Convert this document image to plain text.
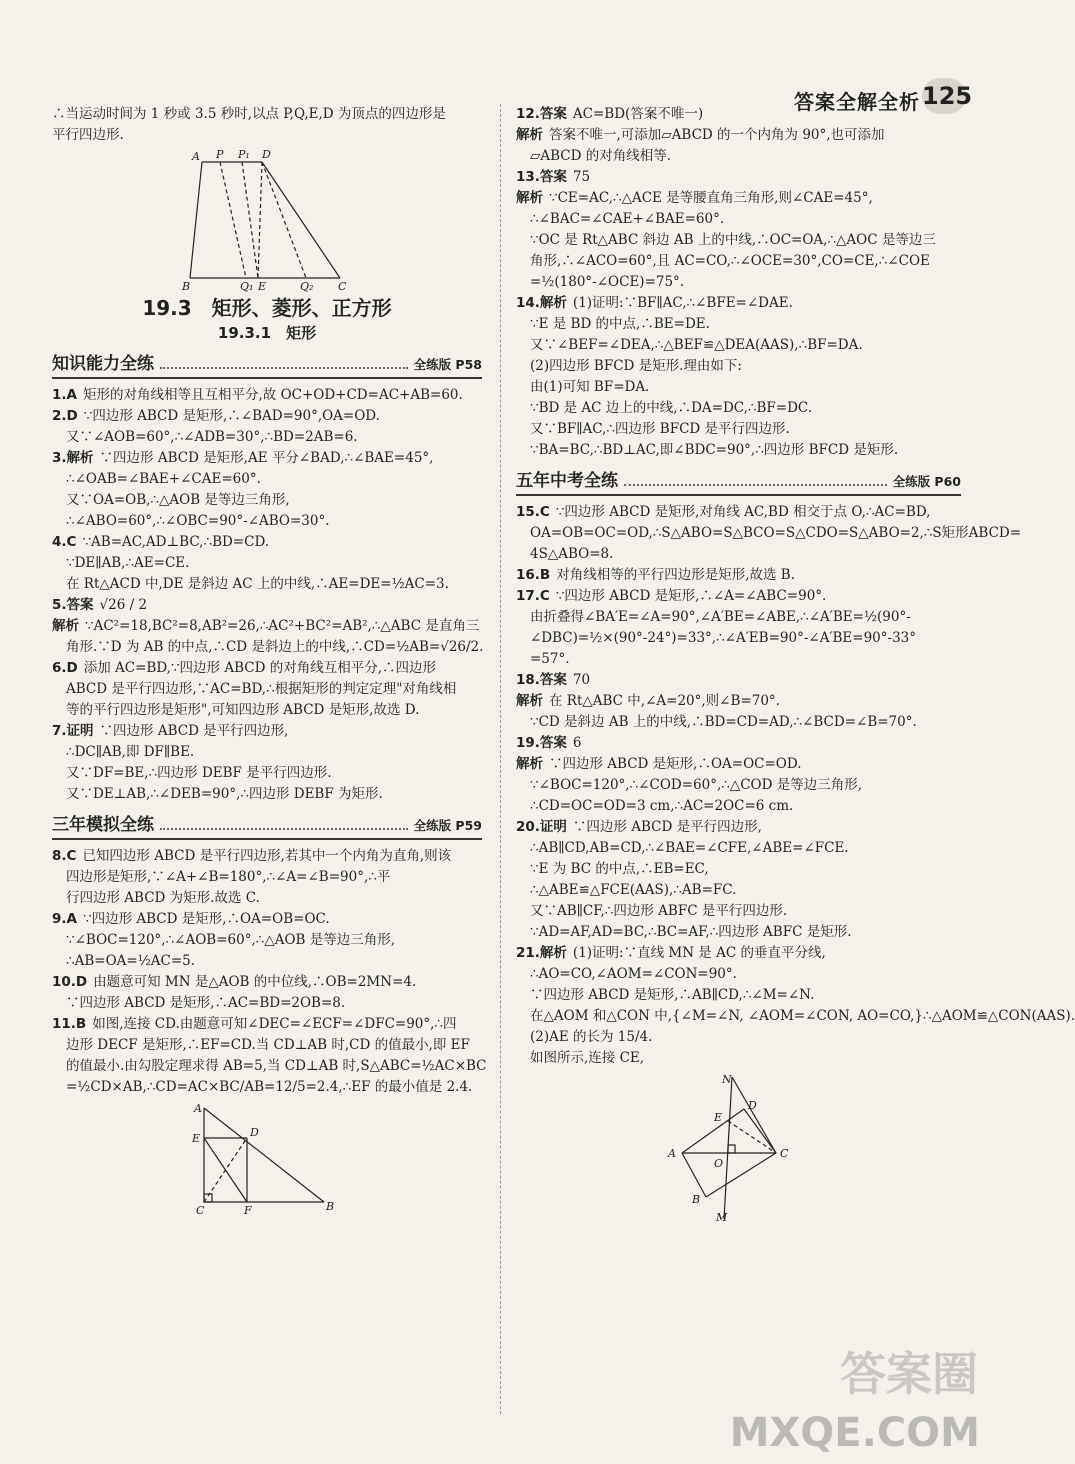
答案全解全析 125
∴当运动时间为 1 秒或 3.5 秒时,以点 P,Q,E,D 为顶点的四边形是
平行四边形.
A P P₁ D
B	Q₁ E	Q₂ C
19.3　矩形、菱形、正方形
19.3.1　矩形
知识能力全练	全练版 P58
1.A 矩形的对角线相等且互相平分,故 OC+OD+CD=AC+AB=60.
2.D ∵四边形 ABCD 是矩形,∴∠BAD=90°,OA=OD.
又∵∠AOB=60°,∴∠ADB=30°,∴BD=2AB=6.
3.解析 ∵四边形 ABCD 是矩形,AE 平分∠BAD,∴∠BAE=45°,
∴∠OAB=∠BAE+∠CAE=60°.
又∵OA=OB,∴△AOB 是等边三角形,
∴∠ABO=60°,∴∠OBC=90°-∠ABO=30°.
4.C ∵AB=AC,AD⊥BC,∴BD=CD.
∵DE∥AB,∴AE=CE.
在 Rt△ACD 中,DE 是斜边 AC 上的中线,∴AE=DE=½AC=3.
5.答案 √26 / 2
解析 ∵AC²=18,BC²=8,AB²=26,∴AC²+BC²=AB²,∴△ABC 是直角三
角形.∵D 为 AB 的中点,∴CD 是斜边上的中线,∴CD=½AB=√26/2.
6.D 添加 AC=BD,∵四边形 ABCD 的对角线互相平分,∴四边形
ABCD 是平行四边形,∵AC=BD,∴根据矩形的判定定理"对角线相
等的平行四边形是矩形",可知四边形 ABCD 是矩形,故选 D.
7.证明 ∵四边形 ABCD 是平行四边形,
∴DC∥AB,即 DF∥BE.
又∵DF=BE,∴四边形 DEBF 是平行四边形.
又∵DE⊥AB,∴∠DEB=90°,∴四边形 DEBF 为矩形.
三年模拟全练	全练版 P59
8.C 已知四边形 ABCD 是平行四边形,若其中一个内角为直角,则该
四边形是矩形,∵∠A+∠B=180°,∴∠A=∠B=90°,∴平
行四边形 ABCD 为矩形.故选 C.
9.A ∵四边形 ABCD 是矩形,∴OA=OB=OC.
∵∠BOC=120°,∴∠AOB=60°,∴△AOB 是等边三角形,
∴AB=OA=½AC=5.
10.D 由题意可知 MN 是△AOB 的中位线,∴OB=2MN=4.
∵四边形 ABCD 是矩形,∴AC=BD=2OB=8.
11.B 如图,连接 CD.由题意可知∠DEC=∠ECF=∠DFC=90°,∴四
边形 DECF 是矩形,∴EF=CD.当 CD⊥AB 时,CD 的值最小,即 EF
的值最小.由勾股定理求得 AB=5,当 CD⊥AB 时,S△ABC=½AC×BC
=½CD×AB,∴CD=AC×BC/AB=12/5=2.4,∴EF 的最小值是 2.4.
A
E	D
C	F	B
12.答案 AC=BD(答案不唯一)
解析 答案不唯一,可添加▱ABCD 的一个内角为 90°,也可添加
▱ABCD 的对角线相等.
13.答案 75
解析 ∵CE=AC,∴△ACE 是等腰直角三角形,则∠CAE=45°,
∴∠BAC=∠CAE+∠BAE=60°.
∵OC 是 Rt△ABC 斜边 AB 上的中线,∴OC=OA,∴△AOC 是等边三
角形,∴∠ACO=60°,且 AC=CO,∴∠OCE=30°,CO=CE,∴∠COE
=½(180°-∠OCE)=75°.
14.解析 (1)证明:∵BF∥AC,∴∠BFE=∠DAE.
∵E 是 BD 的中点,∴BE=DE.
又∵∠BEF=∠DEA,∴△BEF≌△DEA(AAS),∴BF=DA.
(2)四边形 BFCD 是矩形.理由如下:
由(1)可知 BF=DA.
∵BD 是 AC 边上的中线,∴DA=DC,∴BF=DC.
又∵BF∥AC,∴四边形 BFCD 是平行四边形.
∵BA=BC,∴BD⊥AC,即∠BDC=90°,∴四边形 BFCD 是矩形.
五年中考全练	全练版 P60
15.C ∵四边形 ABCD 是矩形,对角线 AC,BD 相交于点 O,∴AC=BD,
OA=OB=OC=OD,∴S△ABO=S△BCO=S△CDO=S△ABO=2,∴S矩形ABCD=
4S△ABO=8.
16.B 对角线相等的平行四边形是矩形,故选 B.
17.C ∵四边形 ABCD 是矩形,∴∠A=∠ABC=90°.
由折叠得∠BA′E=∠A=90°,∠A′BE=∠ABE,∴∠A′BE=½(90°-
∠DBC)=½×(90°-24°)=33°,∴∠A′EB=90°-∠A′BE=90°-33°
=57°.
18.答案 70
解析 在 Rt△ABC 中,∠A=20°,则∠B=70°.
∵CD 是斜边 AB 上的中线,∴BD=CD=AD,∴∠BCD=∠B=70°.
19.答案 6
解析 ∵四边形 ABCD 是矩形,∴OA=OC=OD.
∵∠BOC=120°,∴∠COD=60°,∴△COD 是等边三角形,
∴CD=OC=OD=3 cm,∴AC=2OC=6 cm.
20.证明 ∵四边形 ABCD 是平行四边形,
∴AB∥CD,AB=CD,∴∠BAE=∠CFE,∠ABE=∠FCE.
∵E 为 BC 的中点,∴EB=EC,
∴△ABE≌△FCE(AAS),∴AB=FC.
又∵AB∥CF,∴四边形 ABFC 是平行四边形.
∵AD=AF,AD=BC,∴BC=AF,∴四边形 ABFC 是矩形.
21.解析 (1)证明:∵直线 MN 是 AC 的垂直平分线,
∴AO=CO,∠AOM=∠CON=90°.
∵四边形 ABCD 是矩形,∴AB∥CD,∴∠M=∠N.
在△AOM 和△CON 中,{∠M=∠N, ∠AOM=∠CON, AO=CO,}∴△AOM≌△CON(AAS).
(2)AE 的长为 15/4.
如图所示,连接 CE,
N
D
E
A
O
C
B
M
答案圈
MXQE.COM
